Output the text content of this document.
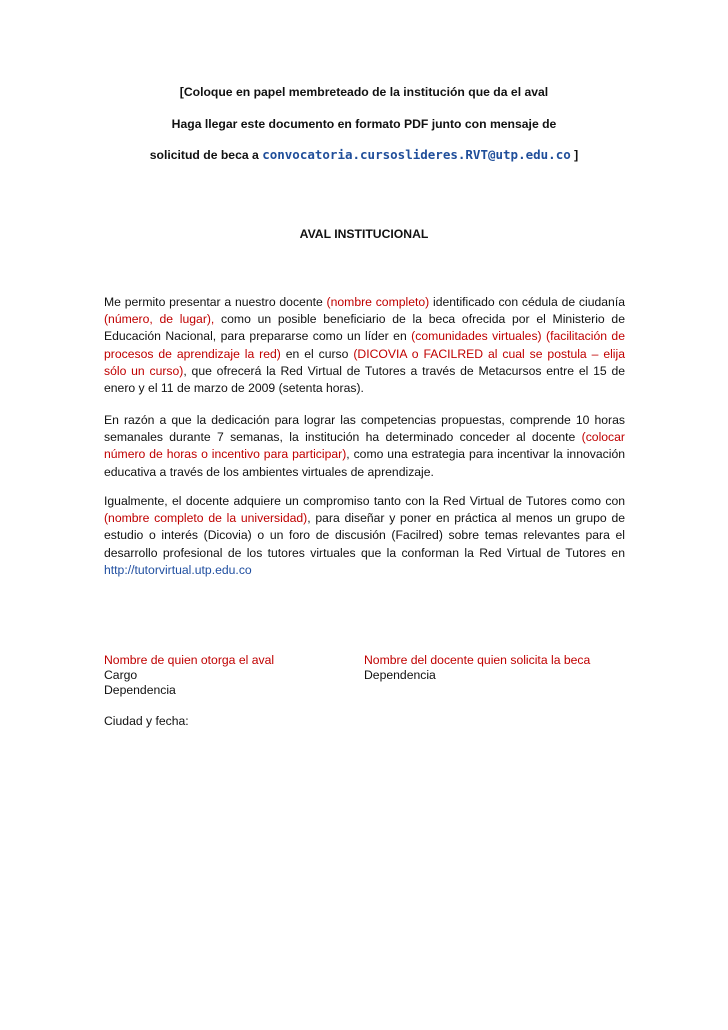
[Coloque en papel membreteado de la institución que da el aval
Haga llegar este documento en formato PDF junto con mensaje de
solicitud de beca a convocatoria.cursoslideres.RVT@utp.edu.co ]
AVAL INSTITUCIONAL
Me permito presentar a nuestro docente (nombre completo) identificado con cédula de ciudanía (número, de lugar), como un posible beneficiario de la beca ofrecida por el Ministerio de Educación Nacional, para prepararse como un líder en (comunidades virtuales) (facilitación de procesos de aprendizaje la red) en el curso (DICOVIA o FACILRED al cual se postula – elija sólo un curso), que ofrecerá la Red Virtual de Tutores a través de Metacursos entre el 15 de enero y el 11 de marzo de 2009 (setenta horas).
En razón a que la dedicación para lograr las competencias propuestas, comprende 10 horas semanales durante 7 semanas, la institución ha determinado conceder al docente (colocar número de horas o incentivo para participar), como una estrategia para incentivar la innovación educativa a través de los ambientes virtuales de aprendizaje.
Igualmente, el docente adquiere un compromiso tanto con la Red Virtual de Tutores como con (nombre completo de la universidad), para diseñar y poner en práctica al menos un grupo de estudio o interés (Dicovia) o un foro de discusión (Facilred) sobre temas relevantes para el desarrollo profesional de los tutores virtuales que la conforman la Red Virtual de Tutores en http://tutorvirtual.utp.edu.co
Nombre de quien otorga el aval
Cargo
Dependencia
Nombre del docente quien solicita la beca
Dependencia
Ciudad y fecha:
